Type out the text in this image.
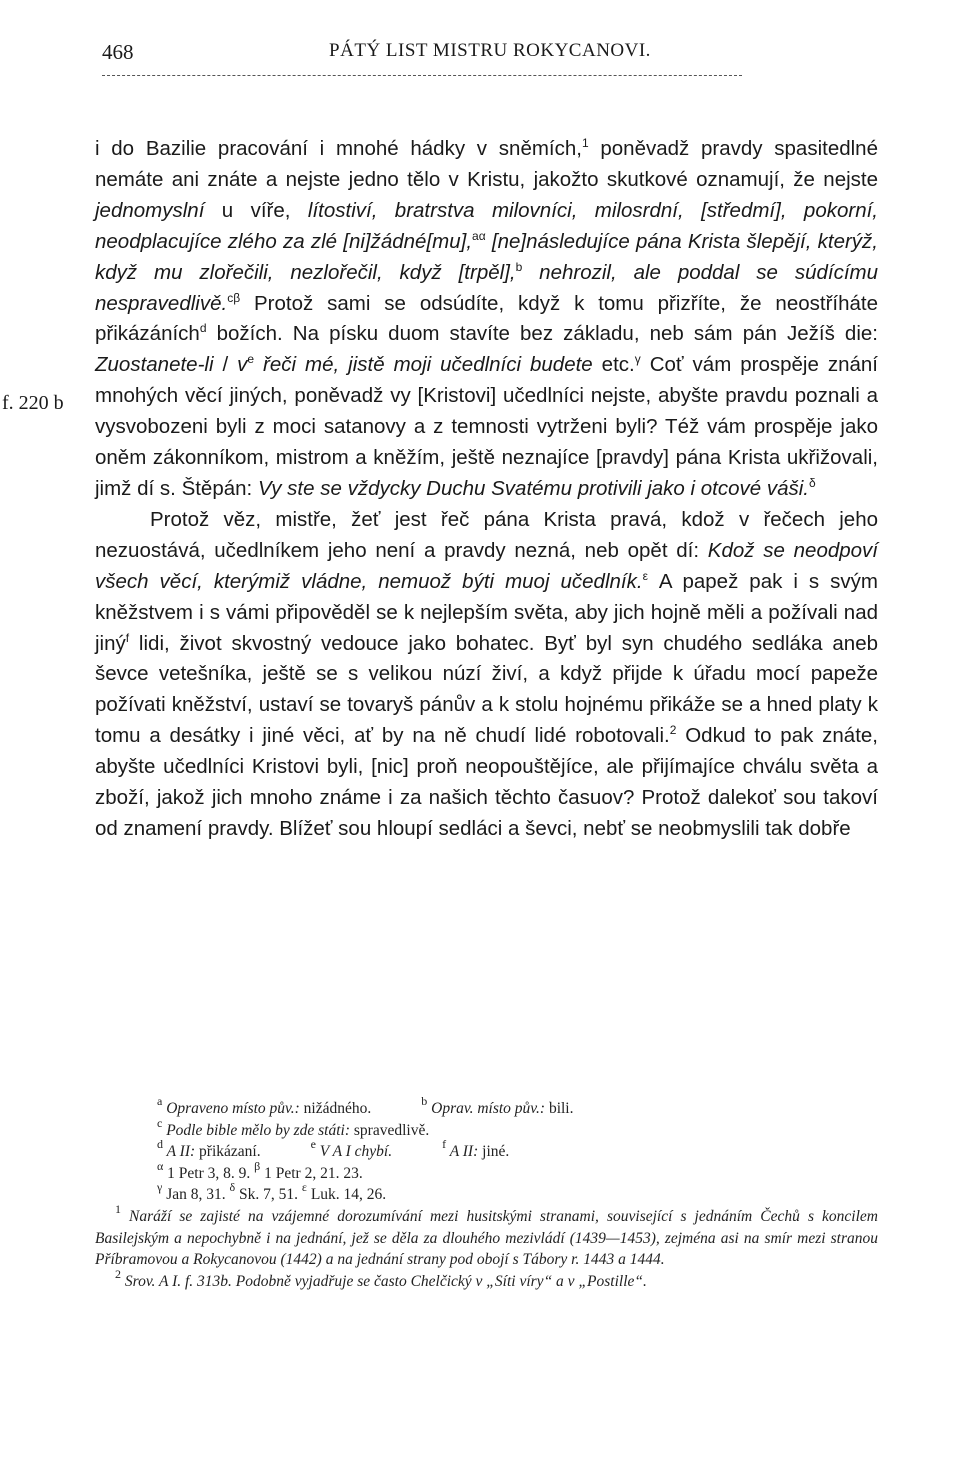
468	PÁTÝ LIST MISTRU ROKYCANOVI.
f. 220 b

i do Bazilie pracování i mnohé hádky v sněmích,$^1$ poněvadž pravdy spasitedlné nemáte ani znáte a nejste jedno tělo v Kristu, jakožto skutkové oznamují, že nejste jednomyslní u víře, lítostiví, bratrstva milovníci, milosrdní, [středmí], pokorní, neodplacujíce zlého za zlé [ni]žádné[mu],$^{a\alpha}$ [ne]následujíce pána Krista šlepějí, kterýž, když mu zlořečili, nezlořečil, když [trpěl],$^b$ nehrozil, ale poddal se súdícímu nespravedlivě.$^{c\beta}$ Protož sami se odsúdíte, když k tomu přizříte, že neostříháte přikázáních$^d$ božích. Na písku duom stavíte bez základu, neb sám pán Ježíš die: Zuostanete-li / $v^e$ řeči mé, jistě moji učedlníci budete etc.$^\gamma$ Coť vám prospěje znání mnohých věcí jiných, poněvadž vy [Kristovi] učedlníci nejste, abyšte pravdu poznali a vysvobozeni byli z moci satanovy a z temnosti vytrženi byli? Též vám prospěje jako oněm zákonníkom, mistrom a kněžím, ještě neznajíce [pravdy] pána Krista ukřižovali, jimž dí s. Štěpán: Vy ste se vždycky Duchu Svatému protivili jako i otcové váši.$^\delta$

Protož věz, mistře, žeť jest řeč pána Krista pravá, kdož v řečech jeho nezuostává, učedlníkem jeho není a pravdy nezná, neb opět dí: Kdož se neodpoví všech věcí, kterýmiž vládne, nemuož býti muoj učedlník.$^\varepsilon$ A papež pak i s svým kněžstvem i s vámi připověděl se k nejlepším světa, aby jich hojně měli a požívali nad jiný$^f$ lidi, život skvostný vedouce jako bohatec. Byť byl syn chudého sedláka aneb ševce vetešníka, ještě se s velikou núzí živí, a když přijde k úřadu mocí papeže požívati kněžství, ustaví se tovaryš pánův a k stolu hojnému přikáže se a hned platy k tomu a desátky i jiné věci, ať by na ně chudí lidé robotovali.$^2$ Odkud to pak znáte, abyšte učedlníci Kristovi byli, [nic] proň neopouštějíce, ale přijímajíce chválu světa a zboží, jakož jich mnoho známe i za našich těchto časuov? Protož dalekoť sou takoví od znamení pravdy. Blížeť sou hloupí sedláci a ševci, nebť se neobmyslili tak dobře

$^a$ Opraveno místo pův.: nižádného.	$^b$ Oprav. místo pův.: bili.
$^c$ Podle bible mělo by zde státi: spravedlivě.
$^d$ A II: přikázaní.	$^e$ V A I chybí.	$^f$ A II: jiné.
$^\alpha$ 1 Petr 3, 8. 9. $^\beta$ 1 Petr 2, 21. 23.
$^\gamma$ Jan 8, 31. $^\delta$ Sk. 7, 51. $^\varepsilon$ Luk. 14, 26.
$^1$ Naráží se zajisté na vzájemné dorozumívání mezi husitskými stranami, související s jednáním Čechů s koncilem Basilejským a nepochybně i na jednání, jež se děla za dlouhého mezivládí (1439—1453), zejména asi na smír mezi stranou Příbramovou a Rokycanovou (1442) a na jednání strany pod obojí s Tábory r. 1443 a 1444.
$^2$ Srov. A I. f. 313b. Podobně vyjadřuje se často Chelčický v „Síti víry“ a v „Postille“.
